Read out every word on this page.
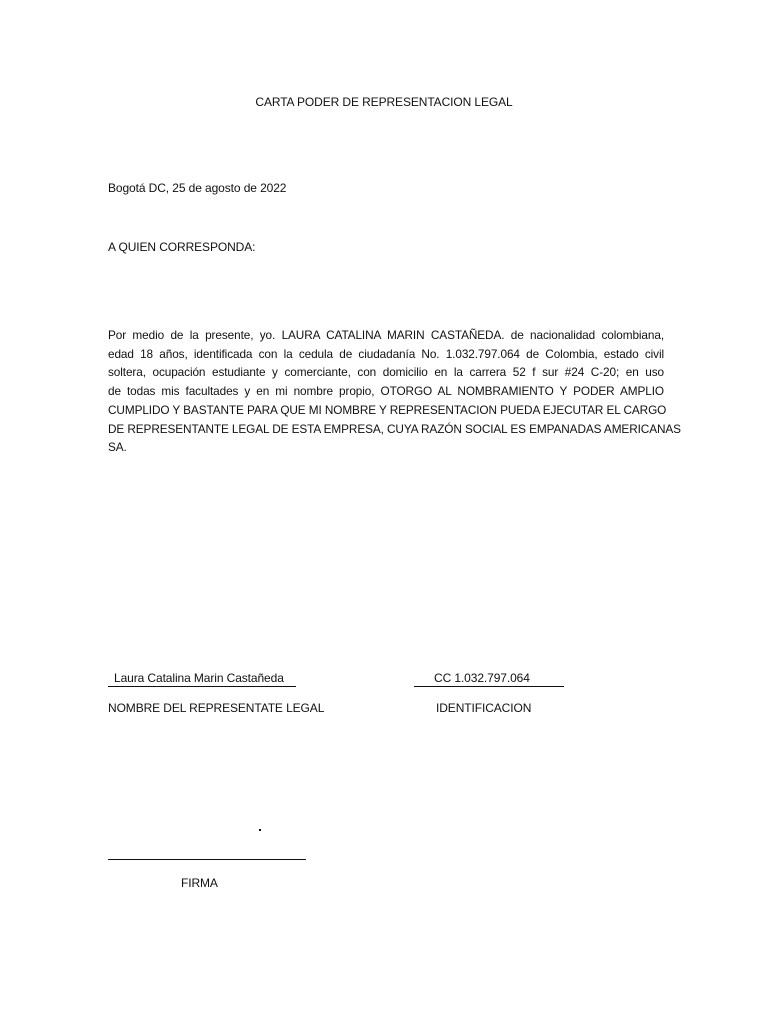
CARTA PODER DE REPRESENTACION LEGAL
Bogotá DC, 25 de agosto de 2022
A QUIEN CORRESPONDA:
Por medio de la presente, yo. LAURA CATALINA MARIN CASTAÑEDA. de nacionalidad colombiana,
edad 18 años, identificada con la cedula de ciudadanía No. 1.032.797.064 de Colombia, estado civil
soltera, ocupación estudiante y comerciante, con domicilio en la carrera 52 f sur #24 C-20; en uso
de todas mis facultades y en mi nombre propio, OTORGO AL NOMBRAMIENTO Y PODER AMPLIO
CUMPLIDO Y BASTANTE PARA QUE MI NOMBRE Y REPRESENTACION PUEDA EJECUTAR EL CARGO
DE REPRESENTANTE LEGAL DE ESTA EMPRESA, CUYA RAZÓN SOCIAL ES EMPANADAS AMERICANAS
SA.
Laura Catalina Marin Castañeda	CC 1.032.797.064
NOMBRE DEL REPRESENTATE LEGAL	IDENTIFICACION
FIRMA
